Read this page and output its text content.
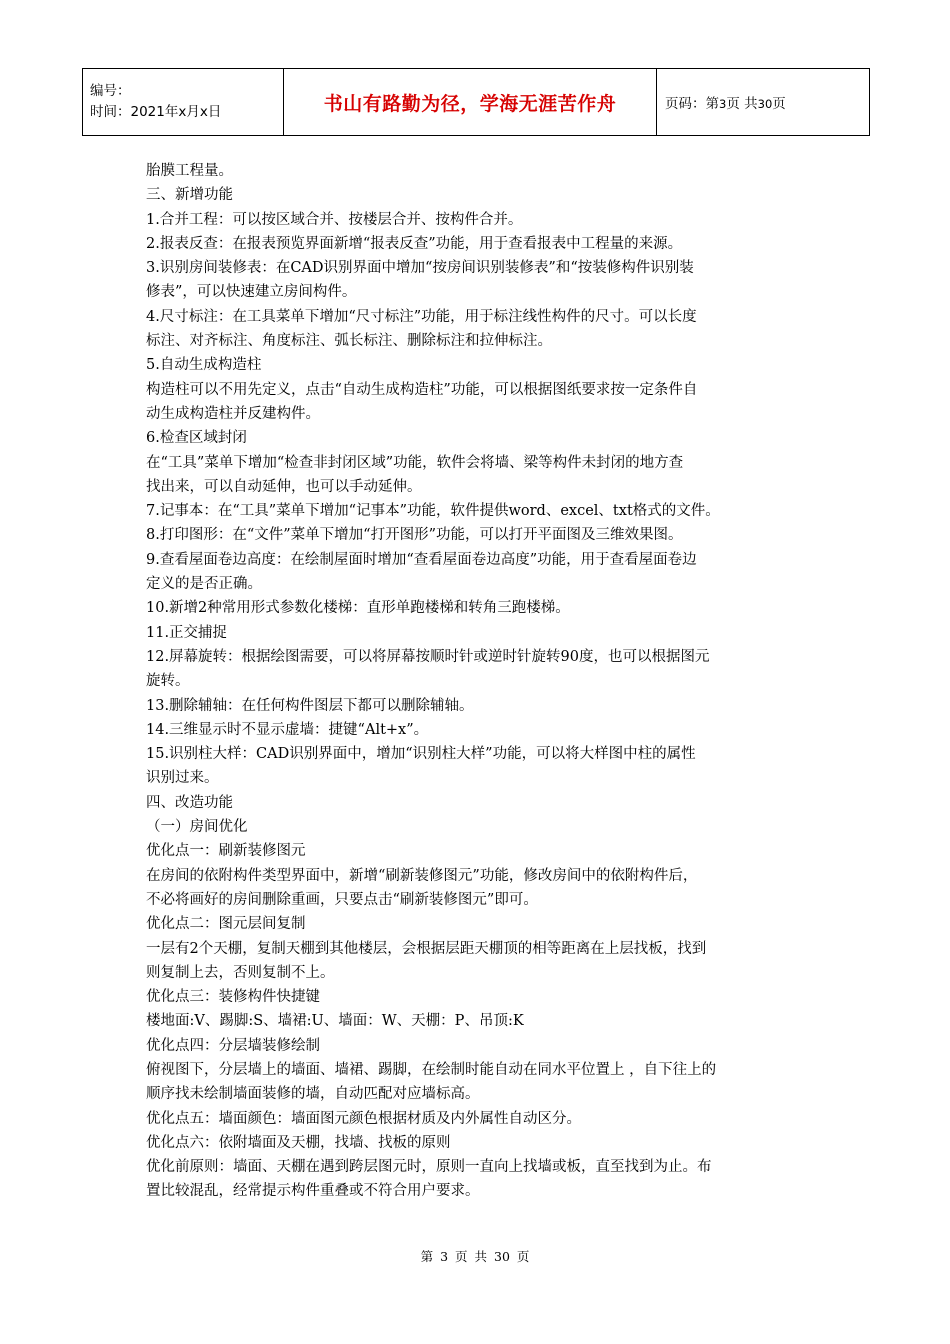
编号：
时间：2021年x月x日	书山有路勤为径，学海无涯苦作舟	页码：第3页 共30页

胎膜工程量。

三、新增功能

1.合并工程：可以按区域合并、按楼层合并、按构件合并。

2.报表反查：在报表预览界面新增“报表反查”功能，用于查看报表中工程量的来源。

3.识别房间装修表：在CAD识别界面中增加“按房间识别装修表”和“按装修构件识别装

修表”，可以快速建立房间构件。

4.尺寸标注：在工具菜单下增加“尺寸标注”功能，用于标注线性构件的尺寸。可以长度

标注、对齐标注、角度标注、弧长标注、删除标注和拉伸标注。

5.自动生成构造柱

构造柱可以不用先定义，点击“自动生成构造柱”功能，可以根据图纸要求按一定条件自

动生成构造柱并反建构件。

6.检查区域封闭

在“工具”菜单下增加“检查非封闭区域”功能，软件会将墙、梁等构件未封闭的地方查

找出来，可以自动延伸，也可以手动延伸。

7.记事本：在“工具”菜单下增加“记事本”功能，软件提供word、excel、txt格式的文件。

8.打印图形：在“文件”菜单下增加“打开图形”功能，可以打开平面图及三维效果图。

9.查看屋面卷边高度：在绘制屋面时增加“查看屋面卷边高度”功能，用于查看屋面卷边

定义的是否正确。

10.新增2种常用形式参数化楼梯：直形单跑楼梯和转角三跑楼梯。

11.正交捕捉

12.屏幕旋转：根据绘图需要，可以将屏幕按顺时针或逆时针旋转90度，也可以根据图元

旋转。

13.删除辅轴：在任何构件图层下都可以删除辅轴。

14.三维显示时不显示虚墙：捷键“Alt+x”。

15.识别柱大样：CAD识别界面中，增加“识别柱大样”功能，可以将大样图中柱的属性

识别过来。

四、改造功能

（一）房间优化

优化点一：刷新装修图元

在房间的依附构件类型界面中，新增“刷新装修图元”功能，修改房间中的依附构件后，

不必将画好的房间删除重画，只要点击“刷新装修图元”即可。

优化点二：图元层间复制

一层有2个天棚，复制天棚到其他楼层，会根据层距天棚顶的相等距离在上层找板，找到

则复制上去，否则复制不上。

优化点三：装修构件快捷键

楼地面:V、踢脚:S、墙裙:U、墙面：W、天棚：P、吊顶:K

优化点四：分层墙装修绘制

俯视图下，分层墙上的墙面、墙裙、踢脚，在绘制时能自动在同水平位置上 ，自下往上的

顺序找未绘制墙面装修的墙，自动匹配对应墙标高。

优化点五：墙面颜色：墙面图元颜色根据材质及内外属性自动区分。

优化点六：依附墙面及天棚，找墙、找板的原则

优化前原则：墙面、天棚在遇到跨层图元时，原则一直向上找墙或板，直至找到为止。布

置比较混乱，经常提示构件重叠或不符合用户要求。

第 3 页 共 30 页
